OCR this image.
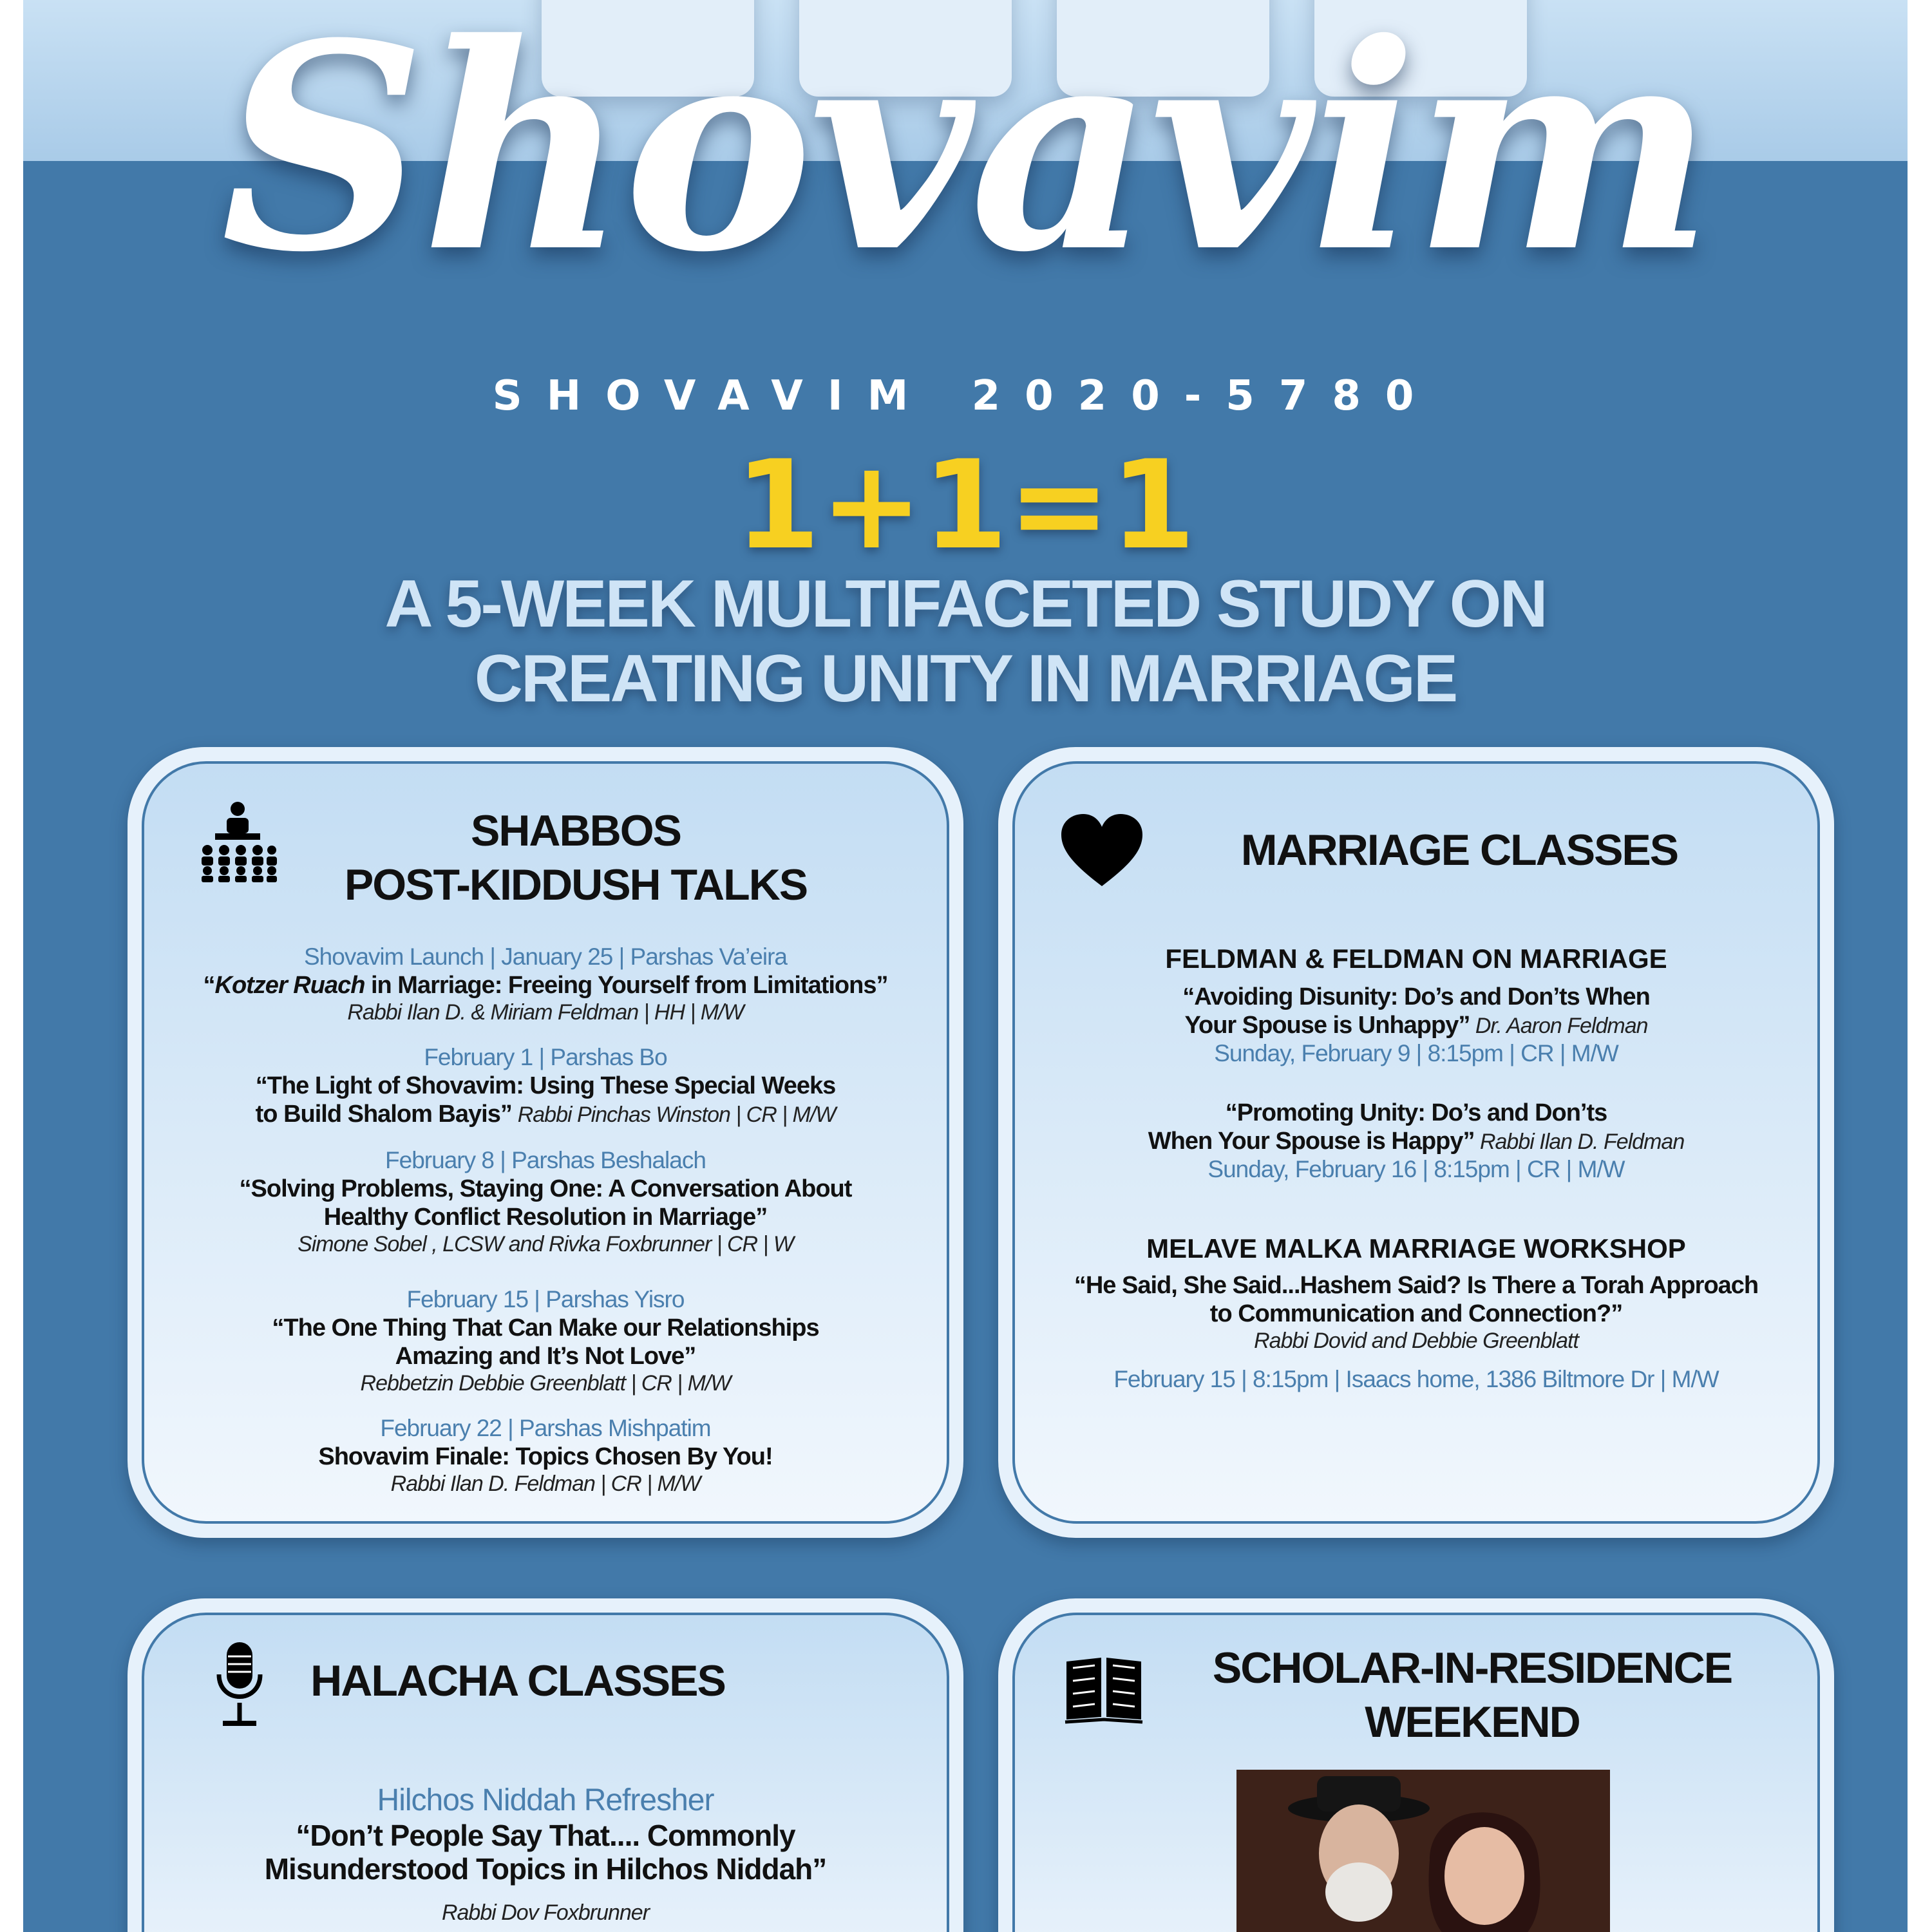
Shovavim
SHOVAVIM 2020-5780
1+1=1
A 5-WEEK MULTIFACETED STUDY ON
CREATING UNITY IN MARRIAGE
SHABBOS
POST-KIDDUSH TALKS
Shovavim Launch | January 25 | Parshas Va’eira
“Kotzer Ruach in Marriage: Freeing Yourself from Limitations”
Rabbi Ilan D. & Miriam Feldman | HH | M/W
February 1 | Parshas Bo
“The Light of Shovavim: Using These Special Weeks
to Build Shalom Bayis” Rabbi Pinchas Winston | CR | M/W
February 8 | Parshas Beshalach
“Solving Problems, Staying One: A Conversation About
Healthy Conflict Resolution in Marriage”
Simone Sobel , LCSW and Rivka Foxbrunner | CR | W
February 15 | Parshas Yisro
“The One Thing That Can Make our Relationships
Amazing and It’s Not Love”
Rebbetzin Debbie Greenblatt | CR | M/W
February 22 | Parshas Mishpatim
Shovavim Finale: Topics Chosen By You!
Rabbi Ilan D. Feldman | CR | M/W
MARRIAGE CLASSES
FELDMAN & FELDMAN ON MARRIAGE
“Avoiding Disunity: Do’s and Don’ts When
Your Spouse is Unhappy” Dr. Aaron Feldman
Sunday, February 9 | 8:15pm | CR | M/W
“Promoting Unity: Do’s and Don’ts
When Your Spouse is Happy” Rabbi Ilan D. Feldman
Sunday, February 16 | 8:15pm | CR | M/W
MELAVE MALKA MARRIAGE WORKSHOP
“He Said, She Said...Hashem Said? Is There a Torah Approach
to Communication and Connection?”
Rabbi Dovid and Debbie Greenblatt
February 15 | 8:15pm | Isaacs home, 1386 Biltmore Dr | M/W
HALACHA CLASSES
Hilchos Niddah Refresher
“Don’t People Say That.... Commonly
Misunderstood Topics in Hilchos Niddah”
Rabbi Dov Foxbrunner
SCHOLAR-IN-RESIDENCE
WEEKEND
